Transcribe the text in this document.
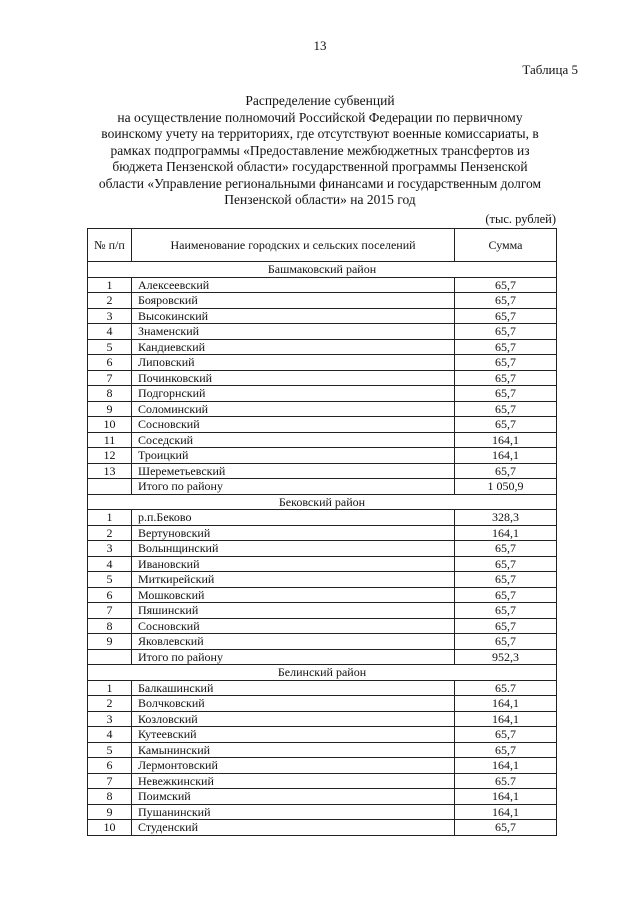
13
Таблица 5
Распределение субвенций
на осуществление полномочий Российской Федерации по первичному
воинскому учету на территориях, где отсутствуют военные комиссариаты, в
рамках подпрограммы «Предоставление межбюджетных трансфертов из
бюджета Пензенской области» государственной программы Пензенской
области «Управление региональными финансами и государственным долгом
Пензенской области» на 2015 год
(тыс. рублей)
№ п/п	Наименование городских и сельских поселений	Сумма
Башмаковский район		
1	Алексеевский	65,7
2	Бояровский	65,7
3	Высокинский	65,7
4	Знаменский	65,7
5	Кандиевский	65,7
6	Липовский	65,7
7	Починковский	65,7
8	Подгорнский	65,7
9	Соломинский	65,7
10	Сосновский	65,7
11	Соседский	164,1
12	Троицкий	164,1
13	Шереметьевский	65,7
	Итого по району	1 050,9
Бековский район		
1	р.п.Беково	328,3
2	Вертуновский	164,1
3	Волынщинский	65,7
4	Ивановский	65,7
5	Миткирейский	65,7
6	Мошковский	65,7
7	Пяшинский	65,7
8	Сосновский	65,7
9	Яковлевский	65,7
	Итого по району	952,3
Белинский район		
1	Балкашинский	65.7
2	Волчковский	164,1
3	Козловский	164,1
4	Кутеевский	65,7
5	Камынинский	65,7
6	Лермонтовский	164,1
7	Невежкинский	65.7
8	Поимский	164,1
9	Пушанинский	164,1
10	Студенский	65,7
